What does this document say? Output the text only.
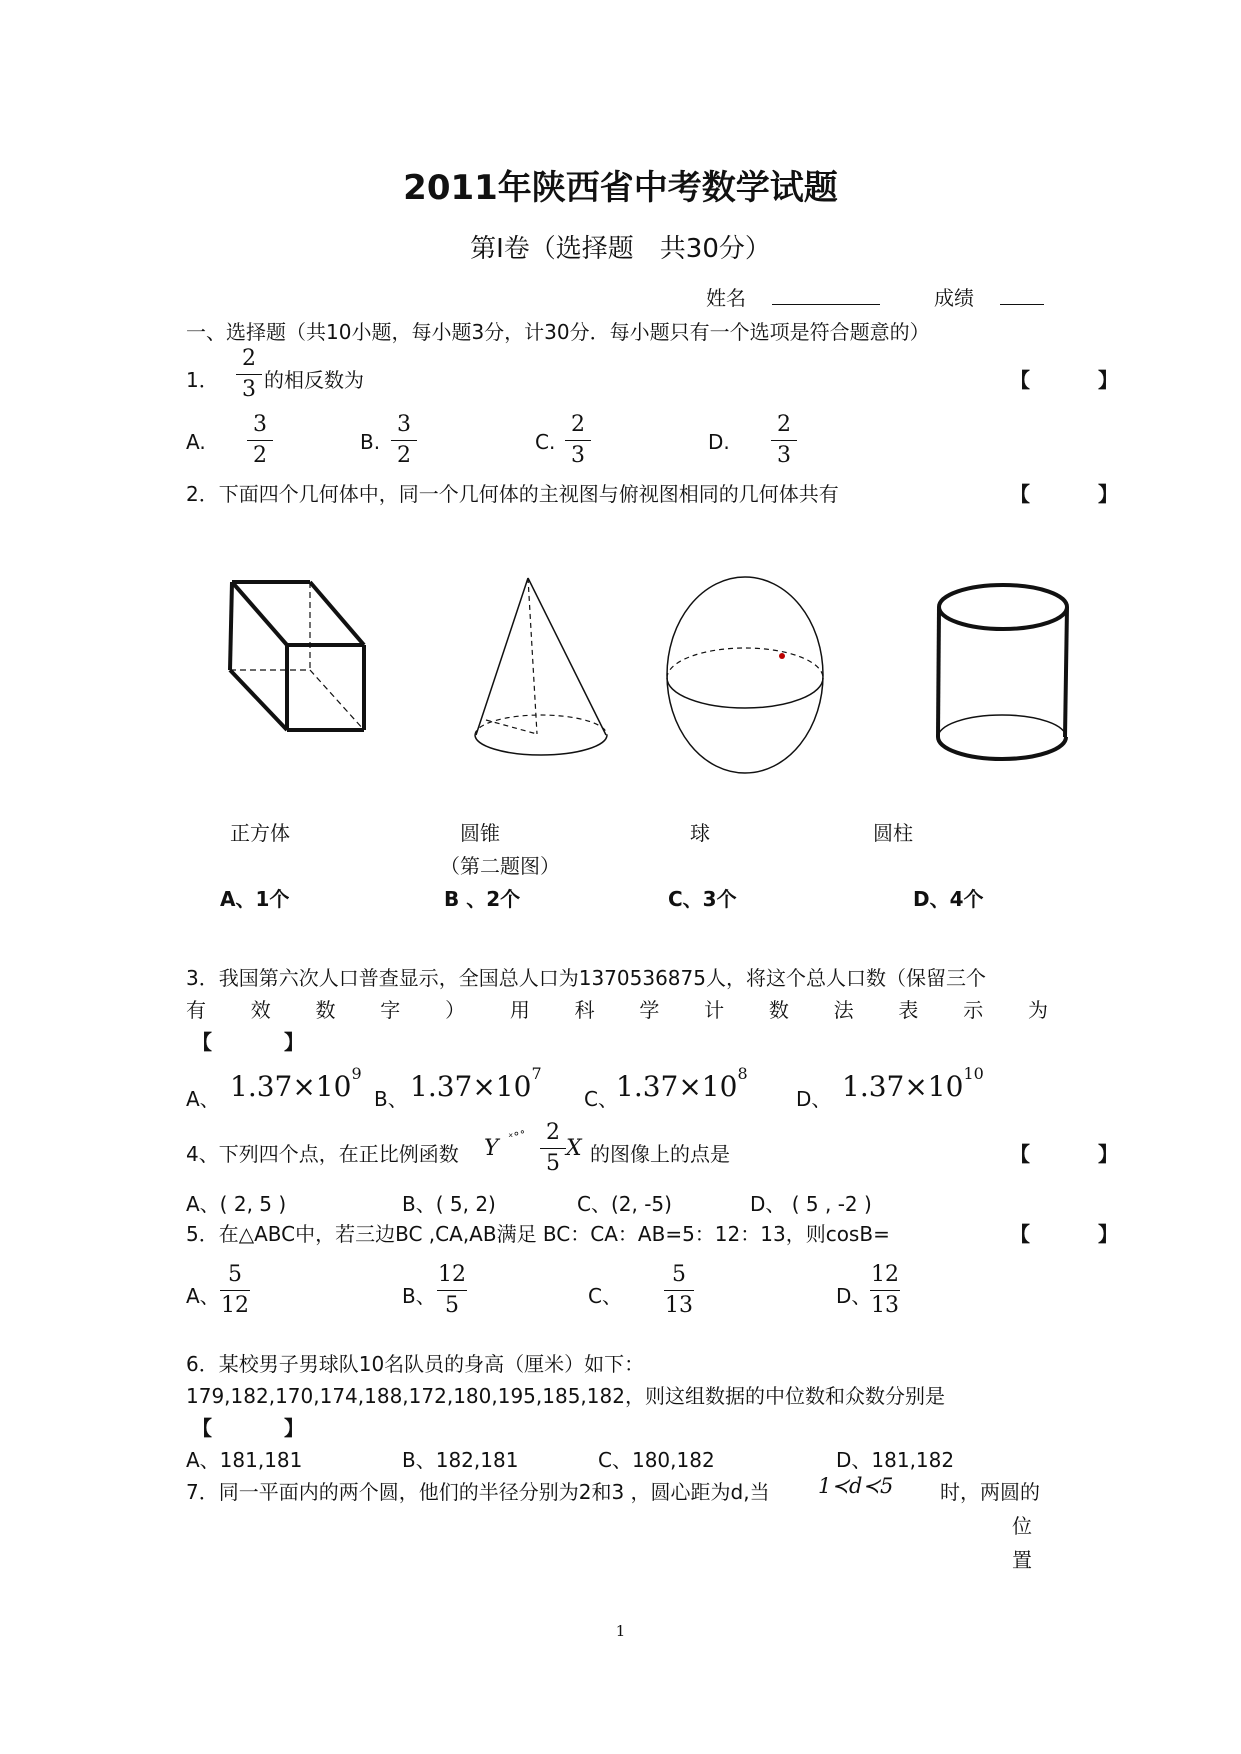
2011年陕西省中考数学试题
第Ⅰ卷（选择题　共30分）
姓名	成绩
一、选择题（共10小题，每小题3分，计30分．每小题只有一个选项是符合题意的）
1．
2
3 的相反数为	【	】
A.
3
2
B.
3
2
C.
2
3
D.
2
3
2．下面四个几何体中，同一个几何体的主视图与俯视图相同的几何体共有	【	】
正方体	圆锥	球	圆柱
（第二题图）
A、1个	B 、2个	C、3个	D、4个
3．我国第六次人口普查显示，全国总人口为1370536875人，将这个总人口数（保留三个
有 效 数 字 ） 用 科 学 计 数 法 表 示 为
【	】
A、 $1.37\times 10^9$
B、 $1.37\times 10^7$
C、
$1.37\times 10^8$
D、 $1.37\times 10^{10}$
4、下列四个点，在正比例函数 Y ˣ°˚ 2
5
X 的图像上的点是	【	】
A、( 2, 5 )	B、( 5, 2)	C、(2, -5)	D、 ( 5 , -2 )
5．在△ABC中，若三边BC ,CA,AB满足 BC：CA：AB=5：12：13，则cosB=	【	】
A、
5
12	B、
12
5	C、
5
13	D、
12
13
6．某校男子男球队10名队员的身高（厘米）如下：
179,182,170,174,188,172,180,195,185,182，则这组数据的中位数和众数分别是
【	】
A、181,181	B、182,181	C、180,182	D、181,182
7．同一平面内的两个圆，他们的半径分别为2和3 ，圆心距为d,当 1≺d≺5 时，两圆的
位
置
1
